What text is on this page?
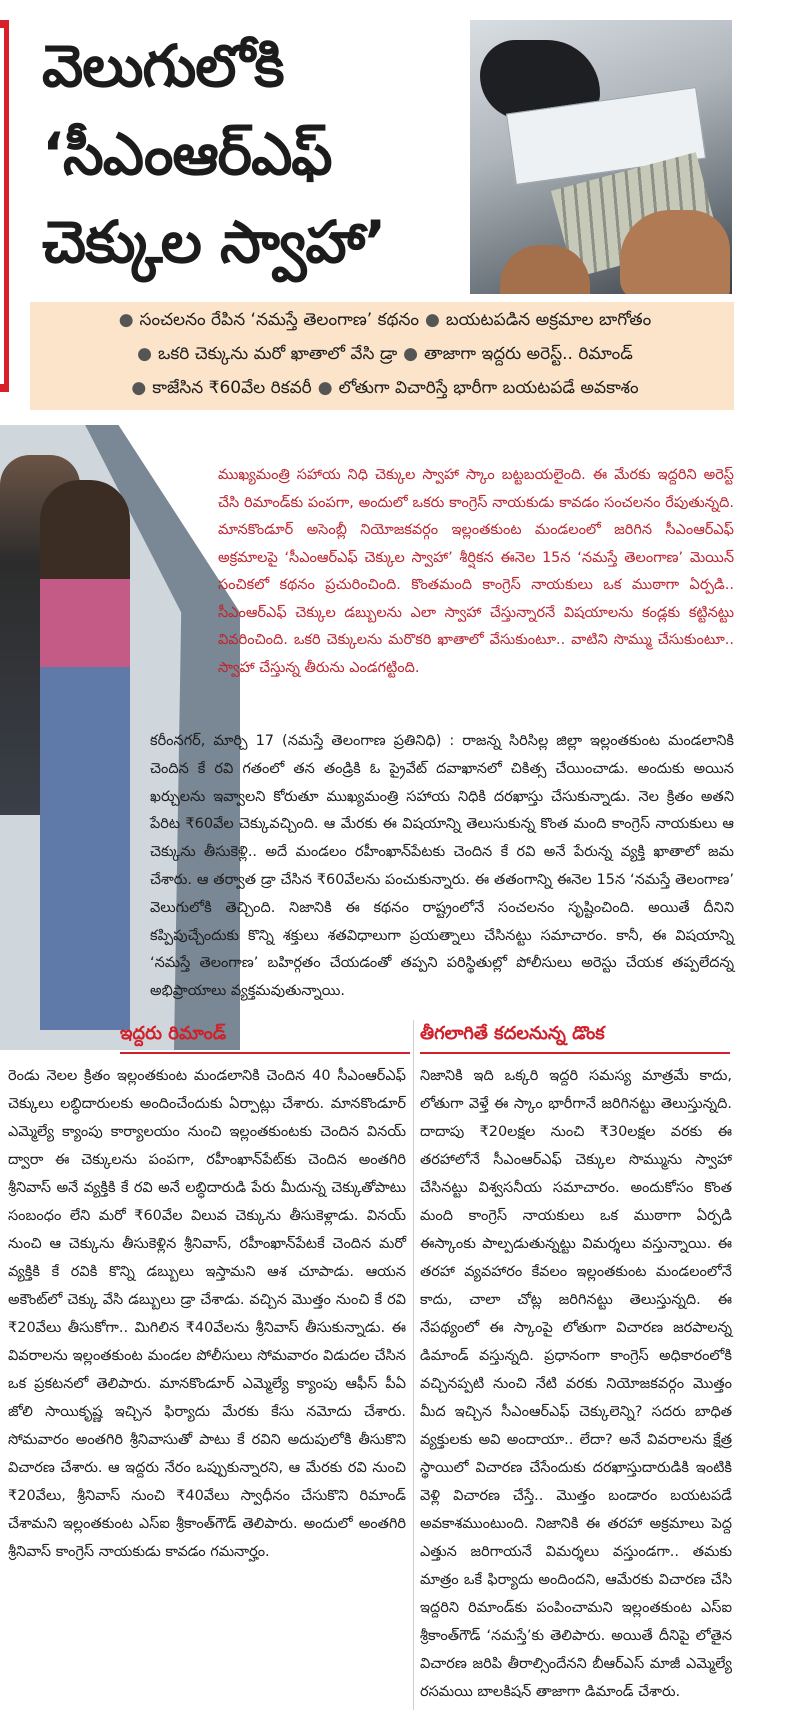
వెలుగులోకి
‘సీఎంఆర్‌ఎఫ్‌
చెక్కుల స్వాహా’
● సంచలనం రేపిన ‘నమస్తే తెలంగాణ’ కథనం ● బయటపడిన అక్రమాల బాగోతం
● ఒకరి చెక్కును మరో ఖాతాలో వేసి డ్రా ● తాజాగా ఇద్దరు అరెస్ట్‌.. రిమాండ్‌
● కాజేసిన ₹60వేల రికవరీ ● లోతుగా విచారిస్తే భారీగా బయటపడే అవకాశం
ముఖ్యమంత్రి సహాయ నిధి చెక్కుల స్వాహా స్కాం బట్టబయలైంది. ఈ మేరకు ఇద్దరిని అరెస్ట్‌ చేసి రిమాండ్‌కు పంపగా, అందులో ఒకరు కాంగ్రెస్‌ నాయకుడు కావడం సంచలనం రేపుతున్నది. మానకొండూర్‌ అసెంబ్లీ నియోజకవర్గం ఇల్లంతకుంట మండలంలో జరిగిన సీఎంఆర్‌ఎఫ్‌ అక్రమాలపై ‘సీఎంఆర్‌ఎఫ్‌ చెక్కుల స్వాహా’ శీర్షికన ఈనెల 15న ‘నమస్తే తెలంగాణ’ మెయిన్‌ సంచికలో కథనం ప్రచురించింది. కొంతమంది కాంగ్రెస్‌ నాయకులు ఒక ముఠాగా ఏర్పడి.. సీఎంఆర్‌ఎఫ్‌ చెక్కుల డబ్బులను ఎలా స్వాహా చేస్తున్నారనే విషయాలను కండ్లకు కట్టినట్టు వివరించింది. ఒకరి చెక్కులను మరొకరి ఖాతాలో వేసుకుంటూ.. వాటిని సొమ్ము చేసుకుంటూ.. స్వాహా చేస్తున్న తీరును ఎండగట్టింది.
కరీంనగర్‌, మార్చి 17 (నమస్తే తెలంగాణ ప్రతినిధి) : రాజన్న సిరిసిల్ల జిల్లా ఇల్లంతకుంట మండలానికి చెందిన కే రవి గతంలో తన తండ్రికి ఓ ప్రైవేట్‌ దవాఖానలో చికిత్స చేయించాడు. అందుకు అయిన ఖర్చులను ఇవ్వాలని కోరుతూ ముఖ్యమంత్రి సహాయ నిధికి దరఖాస్తు చేసుకున్నాడు. నెల క్రితం అతని పేరిట ₹60వేల చెక్కువచ్చింది. ఆ మేరకు ఈ విషయాన్ని తెలుసుకున్న కొంత మంది కాంగ్రెస్‌ నాయకులు ఆ చెక్కును తీసుకెళ్లి.. అదే మండలం రహీంఖాన్‌పేటకు చెందిన కే రవి అనే పేరున్న వ్యక్తి ఖాతాలో జమ చేశారు. ఆ తర్వాత డ్రా చేసిన ₹60వేలను పంచుకున్నారు. ఈ తతంగాన్ని ఈనెల 15న ‘నమస్తే తెలంగాణ’ వెలుగులోకి తెచ్చింది. నిజానికి ఈ కథనం రాష్ట్రంలోనే సంచలనం సృష్టించింది. అయితే దీనిని కప్పిపుచ్చేందుకు కొన్ని శక్తులు శతవిధాలుగా ప్రయత్నాలు చేసినట్టు సమాచారం. కానీ, ఈ విషయాన్ని ‘నమస్తే తెలంగాణ’ బహిర్గతం చేయడంతో తప్పని పరిస్థితుల్లో పోలీసులు అరెస్టు చేయక తప్పలేదన్న అభిప్రాయాలు వ్యక్తమవుతున్నాయి.
ఇద్దరు రిమాండ్‌
రెండు నెలల క్రితం ఇల్లంతకుంట మండలానికి చెందిన 40 సీఎంఆర్‌ఎఫ్‌ చెక్కులు లబ్ధిదారులకు అందించేందుకు ఏర్పాట్లు చేశారు. మానకొండూర్‌ ఎమ్మెల్యే క్యాంపు కార్యాలయం నుంచి ఇల్లంతకుంటకు చెందిన వినయ్‌ ద్వారా ఈ చెక్కులను పంపగా, రహీంఖాన్‌పేట్‌కు చెందిన అంతగిరి శ్రీనివాస్‌ అనే వ్యక్తికి కే రవి అనే లబ్ధిదారుడి పేరు మీదున్న చెక్కుతోపాటు సంబంధం లేని మరో ₹60వేల విలువ చెక్కును తీసుకెళ్లాడు. వినయ్‌ నుంచి ఆ చెక్కును తీసుకెళ్లిన శ్రీనివాస్‌, రహీంఖాన్‌పేటకే చెందిన మరో వ్యక్తికి కే రవికి కొన్ని డబ్బులు ఇస్తామని ఆశ చూపాడు. ఆయన అకౌంట్‌లో చెక్కు వేసి డబ్బులు డ్రా చేశాడు. వచ్చిన మొత్తం నుంచి కే రవి ₹20వేలు తీసుకోగా.. మిగిలిన ₹40వేలను శ్రీనివాస్‌ తీసుకున్నాడు. ఈ వివరాలను ఇల్లంతకుంట మండల పోలీసులు సోమవారం విడుదల చేసిన ఒక ప్రకటనలో తెలిపారు. మానకొండూర్‌ ఎమ్మెల్యే క్యాంపు ఆఫీస్‌ పీఏ జోలి సాయికృష్ణ ఇచ్చిన ఫిర్యాదు మేరకు కేసు నమోదు చేశారు. సోమవారం అంతగిరి శ్రీనివాసుతో పాటు కే రవిని అదుపులోకి తీసుకొని విచారణ చేశారు. ఆ ఇద్దరు నేరం ఒప్పుకున్నారని, ఆ మేరకు రవి నుంచి ₹20వేలు, శ్రీనివాస్‌ నుంచి ₹40వేలు స్వాధీనం చేసుకొని రిమాండ్‌ చేశామని ఇల్లంతకుంట ఎస్‌ఐ శ్రీకాంత్‌గౌడ్‌ తెలిపారు. అందులో అంతగిరి శ్రీనివాస్‌ కాంగ్రెస్‌ నాయకుడు కావడం గమనార్హం.
తీగలాగితే కదలనున్న డొంక
నిజానికి ఇది ఒక్కరి ఇద్దరి సమస్య మాత్రమే కాదు, లోతుగా వెళ్తే ఈ స్కాం భారీగానే జరిగినట్టు తెలుస్తున్నది. దాదాపు ₹20లక్షల నుంచి ₹30లక్షల వరకు ఈ తరహాలోనే సీఎంఆర్‌ఎఫ్‌ చెక్కుల సొమ్మును స్వాహా చేసినట్టు విశ్వసనీయ సమాచారం. అందుకోసం కొంత మంది కాంగ్రెస్‌ నాయకులు ఒక ముఠాగా ఏర్పడి ఈస్కాంకు పాల్పడుతున్నట్టు విమర్శలు వస్తున్నాయి. ఈ తరహా వ్యవహారం కేవలం ఇల్లంతకుంట మండలంలోనే కాదు, చాలా చోట్ల జరిగినట్టు తెలుస్తున్నది. ఈ నేపథ్యంలో ఈ స్కాంపై లోతుగా విచారణ జరపాలన్న డిమాండ్‌ వస్తున్నది. ప్రధానంగా కాంగ్రెస్‌ అధికారంలోకి వచ్చినప్పటి నుంచి నేటి వరకు నియోజకవర్గం మొత్తం మీద ఇచ్చిన సీఎంఆర్‌ఎఫ్‌ చెక్కులెన్ని? సదరు బాధిత వ్యక్తులకు అవి అందాయా.. లేదా? అనే వివరాలను క్షేత్ర స్థాయిలో విచారణ చేసేందుకు దరఖాస్తుదారుడికి ఇంటికి వెళ్లి విచారణ చేస్తే.. మొత్తం బండారం బయటపడే అవకాశముంటుంది. నిజానికి ఈ తరహా అక్రమాలు పెద్ద ఎత్తున జరిగాయనే విమర్శలు వస్తుండగా.. తమకు మాత్రం ఒకే ఫిర్యాదు అందిందని, ఆమేరకు విచారణ చేసి ఇద్దరిని రిమాండ్‌కు పంపించామని ఇల్లంతకుంట ఎస్‌ఐ శ్రీకాంత్‌గౌడ్‌ ‘నమస్తే’కు తెలిపారు. అయితే దీనిపై లోతైన విచారణ జరిపి తీరాల్సిందేనని బీఆర్‌ఎస్‌ మాజీ ఎమ్మెల్యే రసమయి బాలకిషన్‌ తాజాగా డిమాండ్‌ చేశారు.
